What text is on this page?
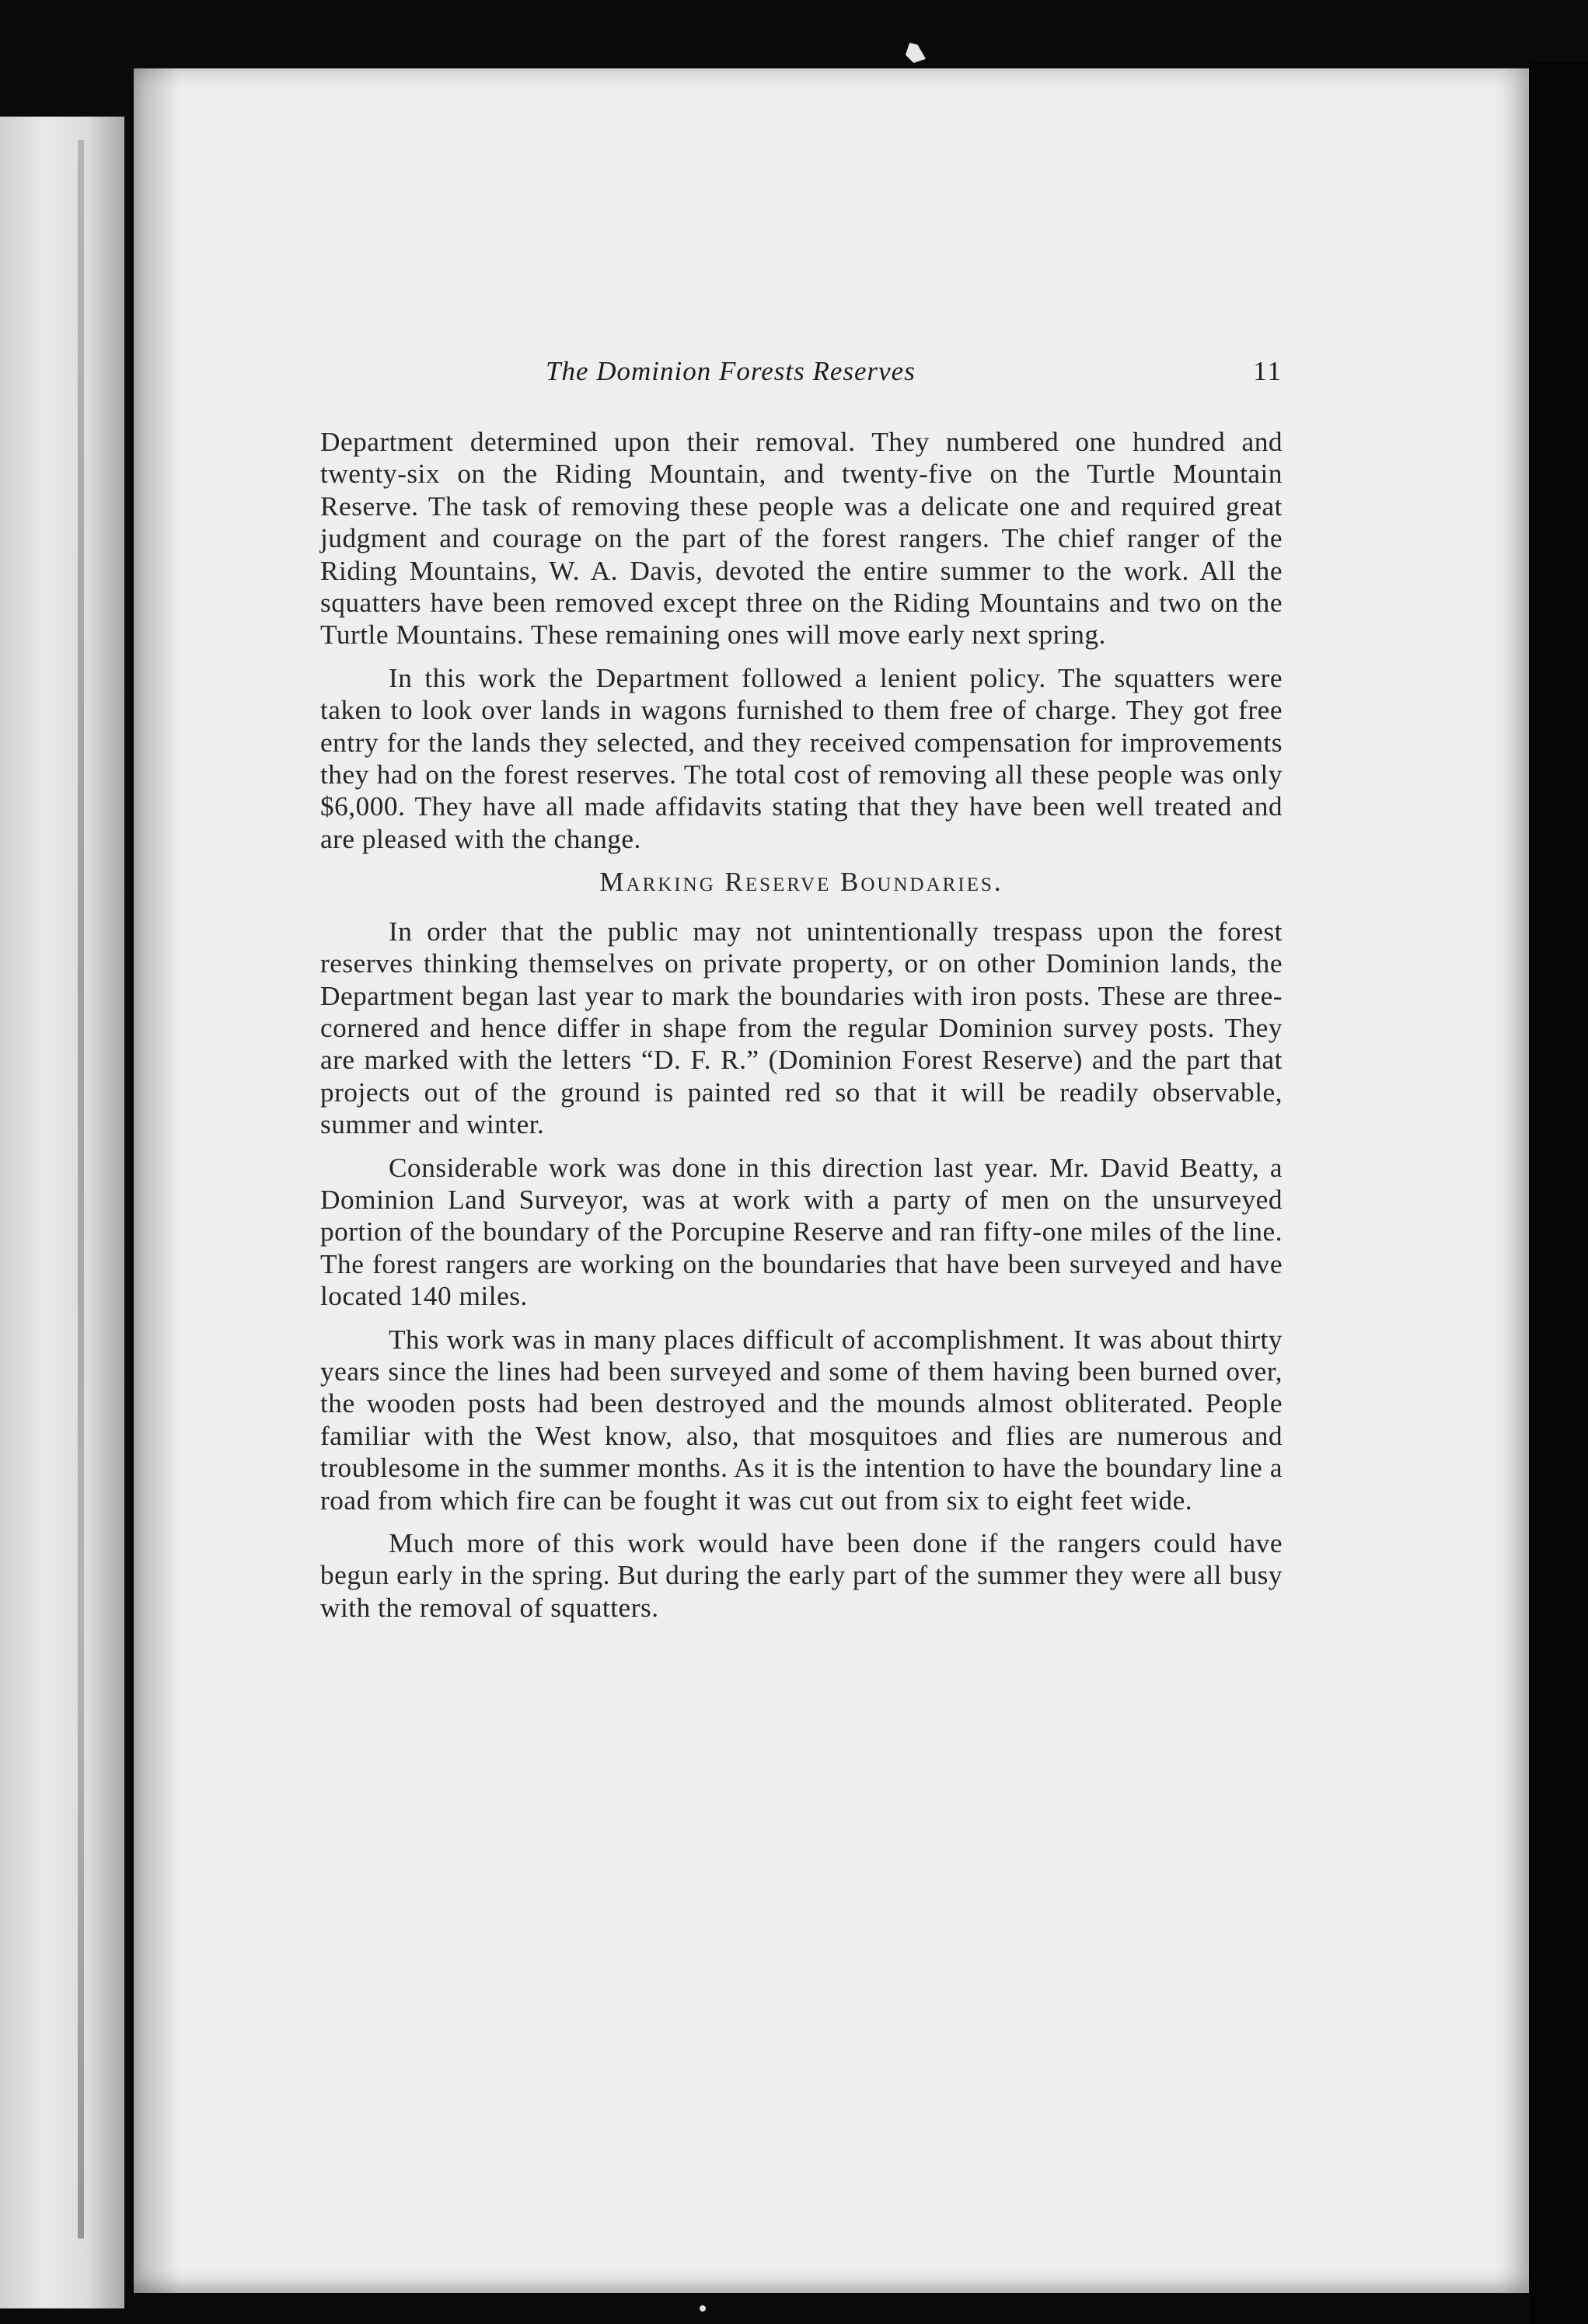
The Dominion Forests Reserves	11

Department determined upon their removal. They numbered one hundred and twenty-six on the Riding Mountain, and twenty-five on the Turtle Mountain Reserve. The task of removing these people was a delicate one and required great judgment and courage on the part of the forest rangers. The chief ranger of the Riding Mountains, W. A. Davis, devoted the entire summer to the work. All the squatters have been removed except three on the Riding Mountains and two on the Turtle Mountains. These remaining ones will move early next spring.

In this work the Department followed a lenient policy. The squatters were taken to look over lands in wagons furnished to them free of charge. They got free entry for the lands they selected, and they received compensation for improvements they had on the forest reserves. The total cost of removing all these people was only $6,000. They have all made affidavits stating that they have been well treated and are pleased with the change.

Marking Reserve Boundaries.

In order that the public may not unintentionally trespass upon the forest reserves thinking themselves on private property, or on other Dominion lands, the Department began last year to mark the boundaries with iron posts. These are three-cornered and hence differ in shape from the regular Dominion survey posts. They are marked with the letters “D. F. R.” (Dominion Forest Reserve) and the part that projects out of the ground is painted red so that it will be readily observable, summer and winter.

Considerable work was done in this direction last year. Mr. David Beatty, a Dominion Land Surveyor, was at work with a party of men on the unsurveyed portion of the boundary of the Porcupine Reserve and ran fifty-one miles of the line. The forest rangers are working on the boundaries that have been surveyed and have located 140 miles.

This work was in many places difficult of accomplishment. It was about thirty years since the lines had been surveyed and some of them having been burned over, the wooden posts had been destroyed and the mounds almost obliterated. People familiar with the West know, also, that mosquitoes and flies are numerous and troublesome in the summer months. As it is the intention to have the boundary line a road from which fire can be fought it was cut out from six to eight feet wide.

Much more of this work would have been done if the rangers could have begun early in the spring. But during the early part of the summer they were all busy with the removal of squatters.
